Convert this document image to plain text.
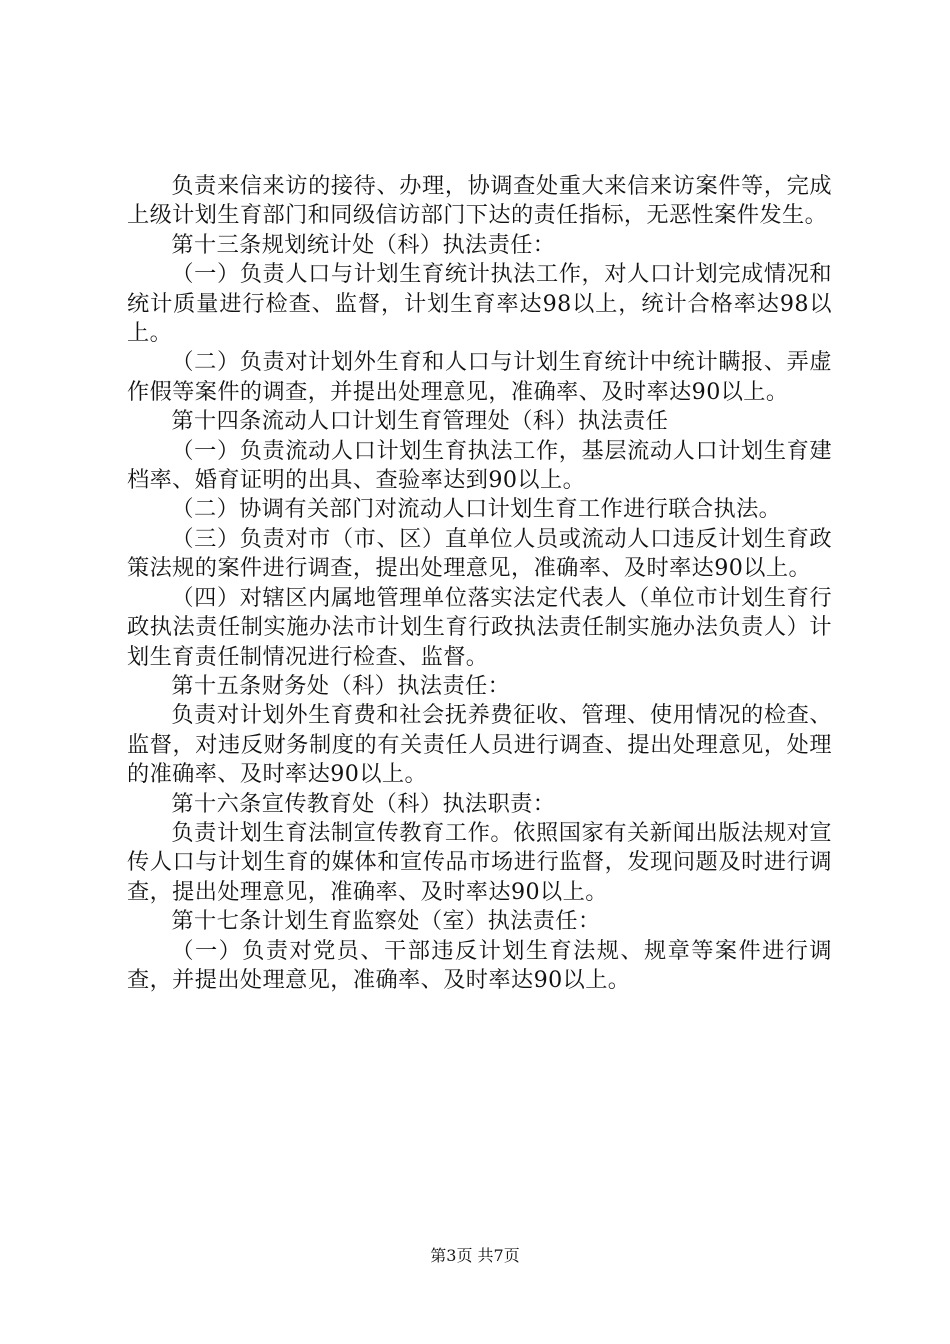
负责来信来访的接待、办理，协调查处重大来信来访案件等，完成上级计划生育部门和同级信访部门下达的责任指标，无恶性案件发生。

第十三条规划统计处（科）执法责任：

（一）负责人口与计划生育统计执法工作，对人口计划完成情况和统计质量进行检查、监督，计划生育率达98以上，统计合格率达98以上。

（二）负责对计划外生育和人口与计划生育统计中统计瞒报、弄虚作假等案件的调查，并提出处理意见，准确率、及时率达90以上。

第十四条流动人口计划生育管理处（科）执法责任

（一）负责流动人口计划生育执法工作，基层流动人口计划生育建档率、婚育证明的出具、查验率达到90以上。

（二）协调有关部门对流动人口计划生育工作进行联合执法。

（三）负责对市（市、区）直单位人员或流动人口违反计划生育政策法规的案件进行调查，提出处理意见，准确率、及时率达90以上。

（四）对辖区内属地管理单位落实法定代表人（单位市计划生育行政执法责任制实施办法市计划生育行政执法责任制实施办法负责人）计划生育责任制情况进行检查、监督。

第十五条财务处（科）执法责任：

负责对计划外生育费和社会抚养费征收、管理、使用情况的检查、监督，对违反财务制度的有关责任人员进行调查、提出处理意见，处理的准确率、及时率达90以上。

第十六条宣传教育处（科）执法职责：

负责计划生育法制宣传教育工作。依照国家有关新闻出版法规对宣传人口与计划生育的媒体和宣传品市场进行监督，发现问题及时进行调查，提出处理意见，准确率、及时率达90以上。

第十七条计划生育监察处（室）执法责任：

（一）负责对党员、干部违反计划生育法规、规章等案件进行调查，并提出处理意见，准确率、及时率达90以上。

第3页 共7页
